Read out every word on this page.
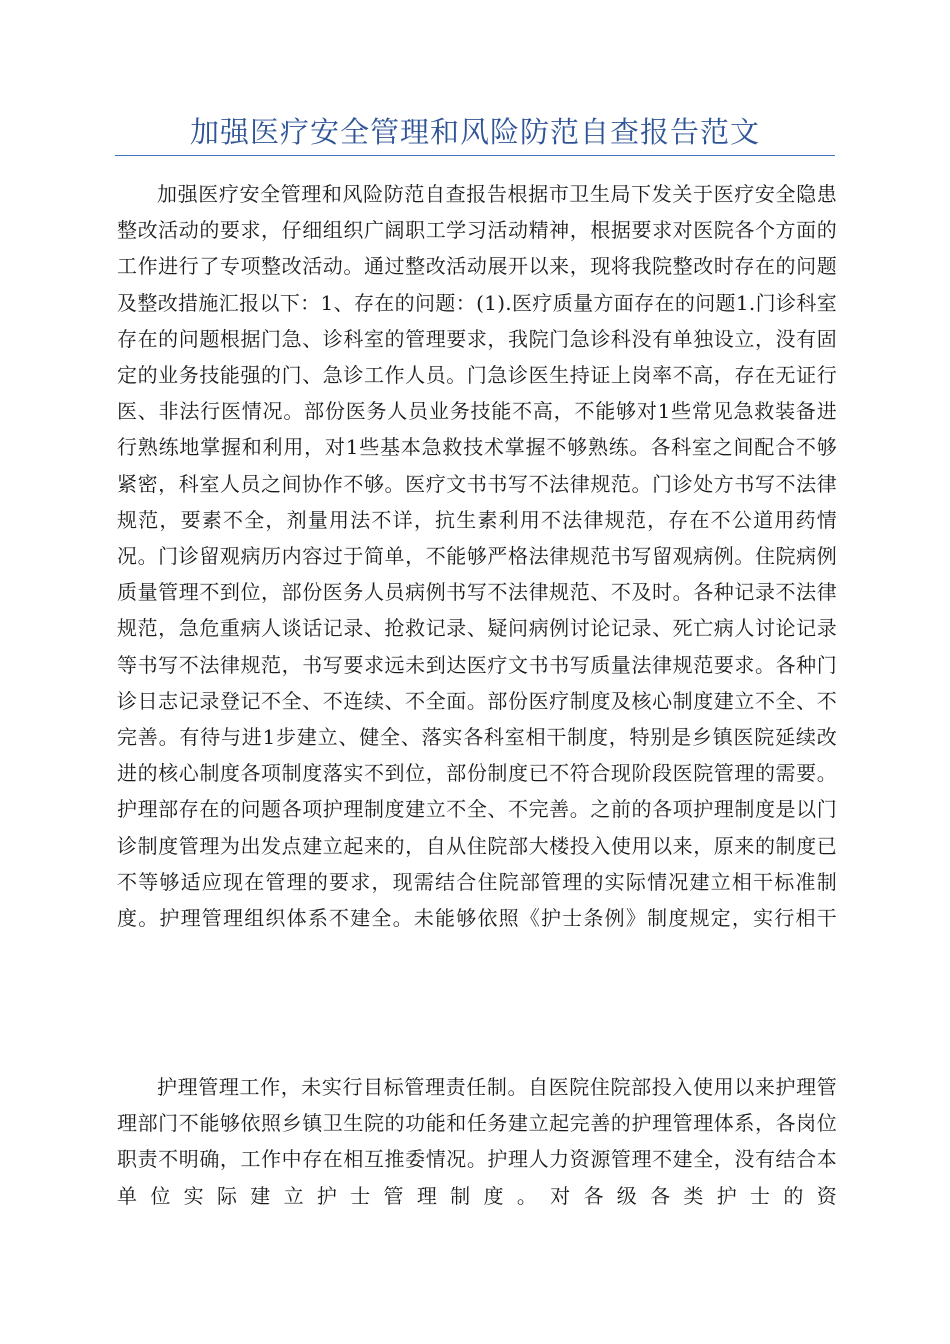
加强医疗安全管理和风险防范自查报告范文

加强医疗安全管理和风险防范自查报告根据市卫生局下发关于医疗安全隐患整改活动的要求，仔细组织广阔职工学习活动精神，根据要求对医院各个方面的工作进行了专项整改活动。通过整改活动展开以来，现将我院整改时存在的问题及整改措施汇报以下：1、存在的问题：(1).医疗质量方面存在的问题1.门诊科室存在的问题根据门急、诊科室的管理要求，我院门急诊科没有单独设立，没有固定的业务技能强的门、急诊工作人员。门急诊医生持证上岗率不高，存在无证行医、非法行医情况。部份医务人员业务技能不高，不能够对1些常见急救装备进行熟练地掌握和利用，对1些基本急救技术掌握不够熟练。各科室之间配合不够紧密，科室人员之间协作不够。医疗文书书写不法律规范。门诊处方书写不法律规范，要素不全，剂量用法不详，抗生素利用不法律规范，存在不公道用药情况。门诊留观病历内容过于简单，不能够严格法律规范书写留观病例。住院病例质量管理不到位，部份医务人员病例书写不法律规范、不及时。各种记录不法律规范，急危重病人谈话记录、抢救记录、疑问病例讨论记录、死亡病人讨论记录等书写不法律规范，书写要求远未到达医疗文书书写质量法律规范要求。各种门诊日志记录登记不全、不连续、不全面。部份医疗制度及核心制度建立不全、不完善。有待与进1步建立、健全、落实各科室相干制度，特别是乡镇医院延续改进的核心制度各项制度落实不到位，部份制度已不符合现阶段医院管理的需要。护理部存在的问题各项护理制度建立不全、不完善。之前的各项护理制度是以门诊制度管理为出发点建立起来的，自从住院部大楼投入使用以来，原来的制度已不等够适应现在管理的要求，现需结合住院部管理的实际情况建立相干标准制度。护理管理组织体系不建全。未能够依照《护士条例》制度规定，实行相干

护理管理工作，未实行目标管理责任制。自医院住院部投入使用以来护理管理部门不能够依照乡镇卫生院的功能和任务建立起完善的护理管理体系，各岗位职责不明确，工作中存在相互推委情况。护理人力资源管理不建全，没有结合本单位实际建立护士管理制度。对各级各类护士的资
